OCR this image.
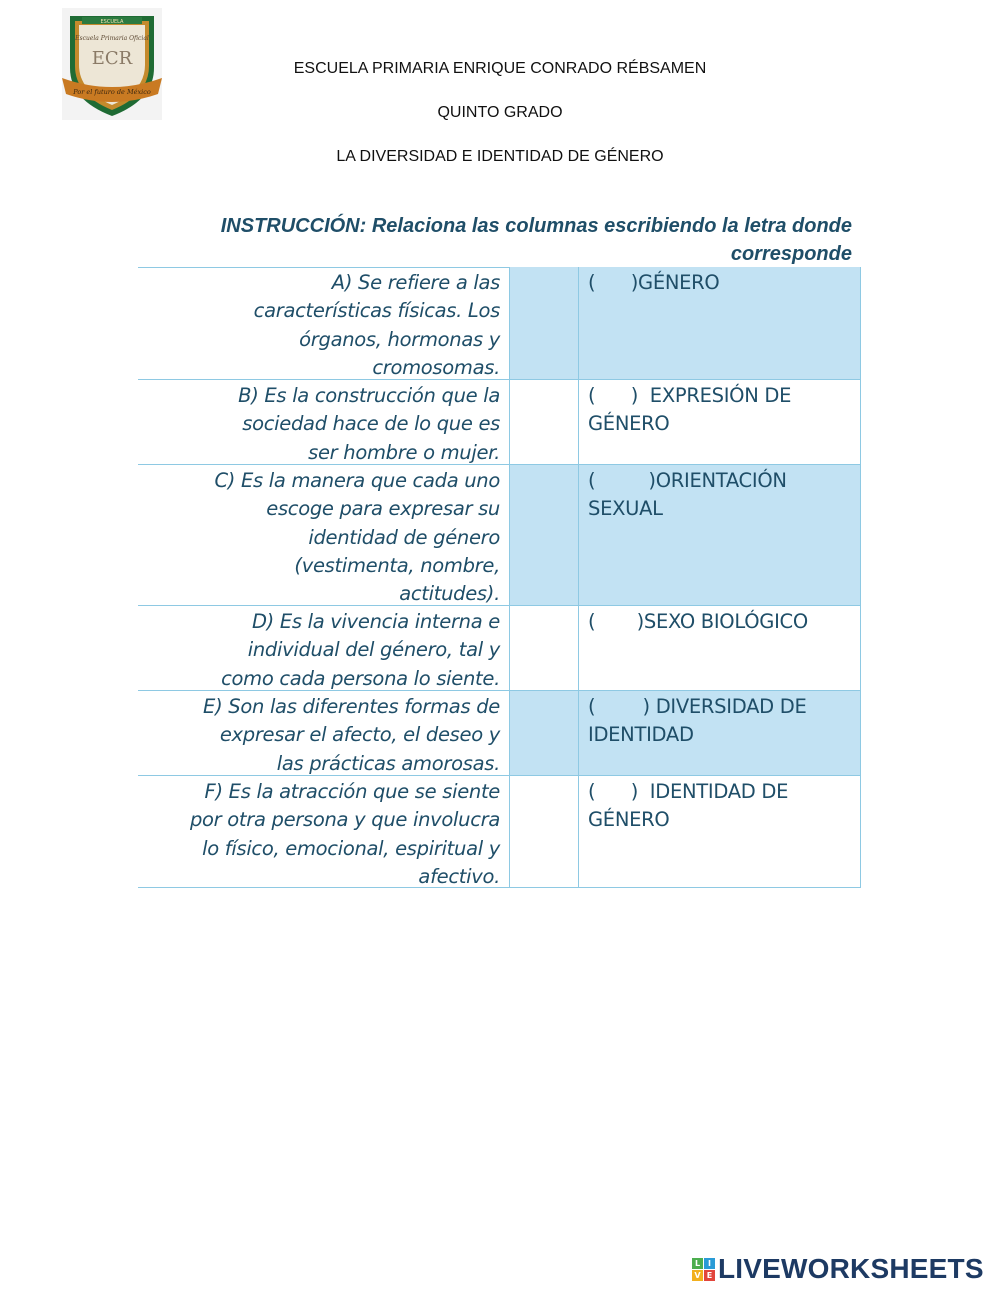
ESCUELA
Escuela Primaria Oficial
ECR
Por el futuro de México
ESCUELA PRIMARIA ENRIQUE CONRADO RÉBSAMEN
QUINTO GRADO
LA DIVERSIDAD E IDENTIDAD DE GÉNERO
INSTRUCCIÓN: Relaciona las columnas escribiendo la letra donde corresponde
A) Se refiere a las características físicas. Los órganos, hormonas y cromosomas.
(      )GÉNERO
B) Es la construcción que la sociedad hace de lo que es ser hombre o mujer.
(      )  EXPRESIÓN DE GÉNERO
C) Es la manera que cada uno escoge para expresar su identidad de género (vestimenta, nombre, actitudes).
(         )ORIENTACIÓN SEXUAL
D) Es la vivencia interna e individual del género, tal y como cada persona lo siente.
(       )SEXO BIOLÓGICO
E) Son las diferentes formas de expresar el afecto, el deseo y las prácticas amorosas.
(        ) DIVERSIDAD DE IDENTIDAD
F) Es la atracción que se siente por otra persona y que involucra lo físico, emocional, espiritual y afectivo.
(      )  IDENTIDAD DE GÉNERO
L I
V E LIVEWORKSHEETS
